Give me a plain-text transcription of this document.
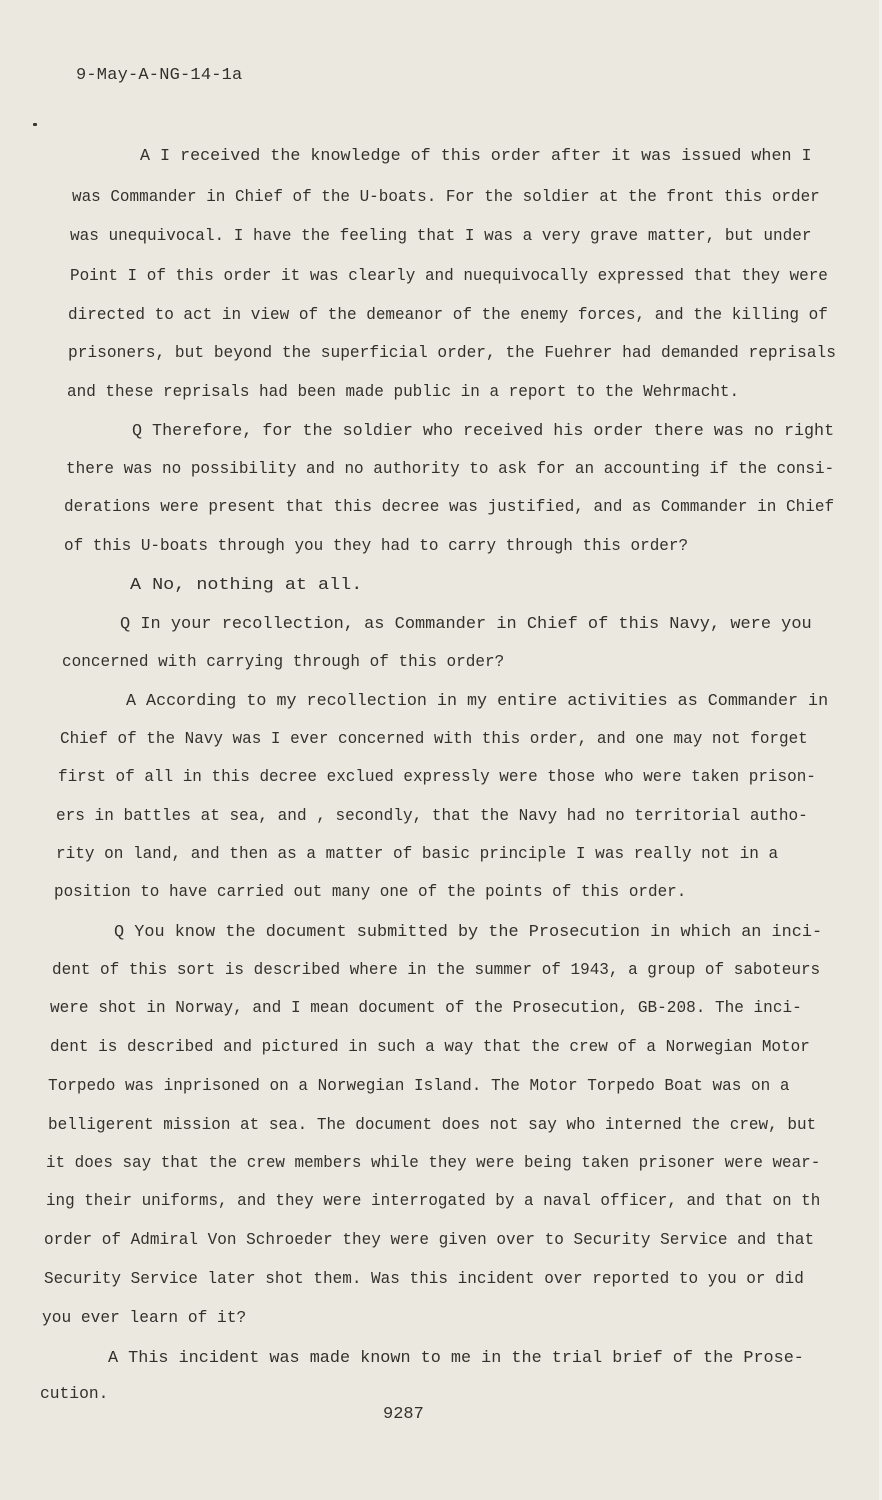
9-May-A-NG-14-1a
A I received the knowledge of this order after it was issued when I
was Commander in Chief of the U-boats. For the soldier at the front this order
was unequivocal. I have the feeling that I was a very grave matter, but under
Point I of this order it was clearly and nuequivocally expressed that they were
directed to act in view of the demeanor of the enemy forces, and the killing of
prisoners, but beyond the superficial order, the Fuehrer had demanded reprisals
and these reprisals had been made public in a report to the Wehrmacht.
Q Therefore, for the soldier who received his order there was no right
there was no possibility and no authority to ask for an accounting if the consi-
derations were present that this decree was justified, and as Commander in Chief
of this U-boats through you they had to carry through this order?
A No, nothing at all.
Q In your recollection, as Commander in Chief of this Navy, were you
concerned with carrying through of this order?
A According to my recollection in my entire activities as Commander in
Chief of the Navy was I ever concerned with this order, and one may not forget
first of all in this decree exclued expressly were those who were taken prison-
ers in battles at sea, and , secondly, that the Navy had no territorial autho-
rity on land, and then as a matter of basic principle I was really not in a
position to have carried out many one of the points of this order.
Q You know the document submitted by the Prosecution in which an inci-
dent of this sort is described where in the summer of 1943, a group of saboteurs
were shot in Norway, and I mean document of the Prosecution, GB-208. The inci-
dent is described and pictured in such a way that the crew of a Norwegian Motor
Torpedo was inprisoned on a Norwegian Island. The Motor Torpedo Boat was on a
belligerent mission at sea. The document does not say who interned the crew, but
it does say that the crew members while they were being taken prisoner were wear-
ing their uniforms, and they were interrogated by a naval officer, and that on th
order of Admiral Von Schroeder they were given over to Security Service and that
Security Service later shot them. Was this incident over reported to you or did
you ever learn of it?
A This incident was made known to me in the trial brief of the Prose-
cution.
9287
